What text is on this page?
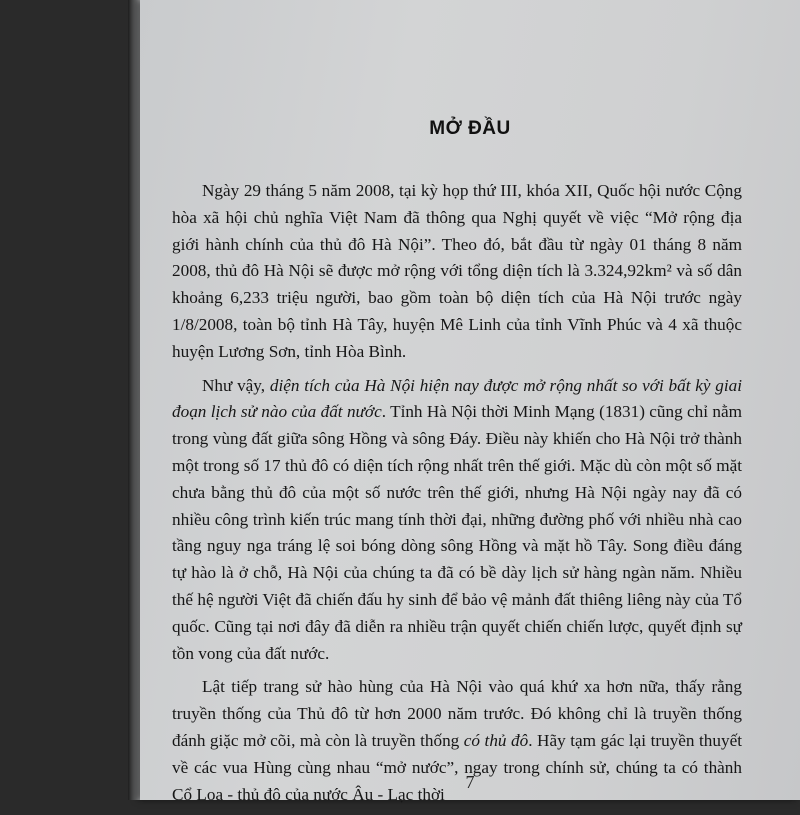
MỞ ĐẦU

Ngày 29 tháng 5 năm 2008, tại kỳ họp thứ III, khóa XII, Quốc hội nước Cộng hòa xã hội chủ nghĩa Việt Nam đã thông qua Nghị quyết về việc “Mở rộng địa giới hành chính của thủ đô Hà Nội”. Theo đó, bắt đầu từ ngày 01 tháng 8 năm 2008, thủ đô Hà Nội sẽ được mở rộng với tổng diện tích là 3.324,92km² và số dân khoảng 6,233 triệu người, bao gồm toàn bộ diện tích của Hà Nội trước ngày 1/8/2008, toàn bộ tỉnh Hà Tây, huyện Mê Linh của tỉnh Vĩnh Phúc và 4 xã thuộc huyện Lương Sơn, tỉnh Hòa Bình.

Như vậy, diện tích của Hà Nội hiện nay được mở rộng nhất so với bất kỳ giai đoạn lịch sử nào của đất nước. Tỉnh Hà Nội thời Minh Mạng (1831) cũng chỉ nằm trong vùng đất giữa sông Hồng và sông Đáy. Điều này khiến cho Hà Nội trở thành một trong số 17 thủ đô có diện tích rộng nhất trên thế giới. Mặc dù còn một số mặt chưa bằng thủ đô của một số nước trên thế giới, nhưng Hà Nội ngày nay đã có nhiều công trình kiến trúc mang tính thời đại, những đường phố với nhiều nhà cao tầng nguy nga tráng lệ soi bóng dòng sông Hồng và mặt hồ Tây. Song điều đáng tự hào là ở chỗ, Hà Nội của chúng ta đã có bề dày lịch sử hàng ngàn năm. Nhiều thế hệ người Việt đã chiến đấu hy sinh để bảo vệ mảnh đất thiêng liêng này của Tổ quốc. Cũng tại nơi đây đã diễn ra nhiều trận quyết chiến chiến lược, quyết định sự tồn vong của đất nước.

Lật tiếp trang sử hào hùng của Hà Nội vào quá khứ xa hơn nữa, thấy rằng truyền thống của Thủ đô từ hơn 2000 năm trước. Đó không chỉ là truyền thống đánh giặc mở cõi, mà còn là truyền thống có thủ đô. Hãy tạm gác lại truyền thuyết về các vua Hùng cùng nhau “mở nước”, ngay trong chính sử, chúng ta có thành Cổ Loa - thủ đô của nước Âu - Lạc thời

7
